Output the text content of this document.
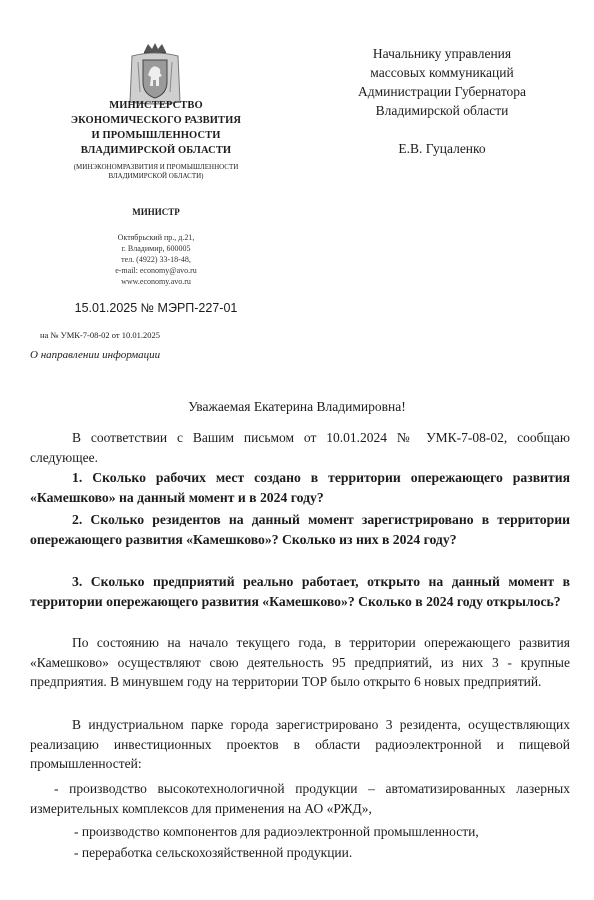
МИНИСТЕРСТВО
ЭКОНОМИЧЕСКОГО РАЗВИТИЯ
И ПРОМЫШЛЕННОСТИ
ВЛАДИМИРСКОЙ ОБЛАСТИ
(МИНЭКОНОМРАЗВИТИЯ И ПРОМЫШЛЕННОСТИ
ВЛАДИМИРСКОЙ ОБЛАСТИ)
МИНИСТР
Октябрьский пр., д.21,
г. Владимир, 600005
тел. (4922) 33-18-48,
e-mail: economy@avo.ru
www.economy.avo.ru
15.01.2025 № МЭРП-227-01
на № УМК-7-08-02 от 10.01.2025
О направлении информации
Начальнику управления
массовых коммуникаций
Администрации Губернатора
Владимирской области
Е.В. Гуцаленко
Уважаемая Екатерина Владимировна!
В соответствии с Вашим письмом от 10.01.2024 № УМК-7-08-02, сообщаю следующее.
1. Сколько рабочих мест создано в территории опережающего развития «Камешково» на данный момент и в 2024 году?
2. Сколько резидентов на данный момент зарегистрировано в территории опережающего развития «Камешково»? Сколько из них в 2024 году?
3. Сколько предприятий реально работает, открыто на данный момент в территории опережающего развития «Камешково»? Сколько в 2024 году открылось?
По состоянию на начало текущего года, в территории опережающего развития «Камешково» осуществляют свою деятельность 95 предприятий, из них 3 - крупные предприятия. В минувшем году на территории ТОР было открыто 6 новых предприятий.
В индустриальном парке города зарегистрировано 3 резидента, осуществляющих реализацию инвестиционных проектов в области радиоэлектронной и пищевой промышленностей:
- производство высокотехнологичной продукции – автоматизированных лазерных измерительных комплексов для применения на АО «РЖД»,
- производство компонентов для радиоэлектронной промышленности,
- переработка сельскохозяйственной продукции.
